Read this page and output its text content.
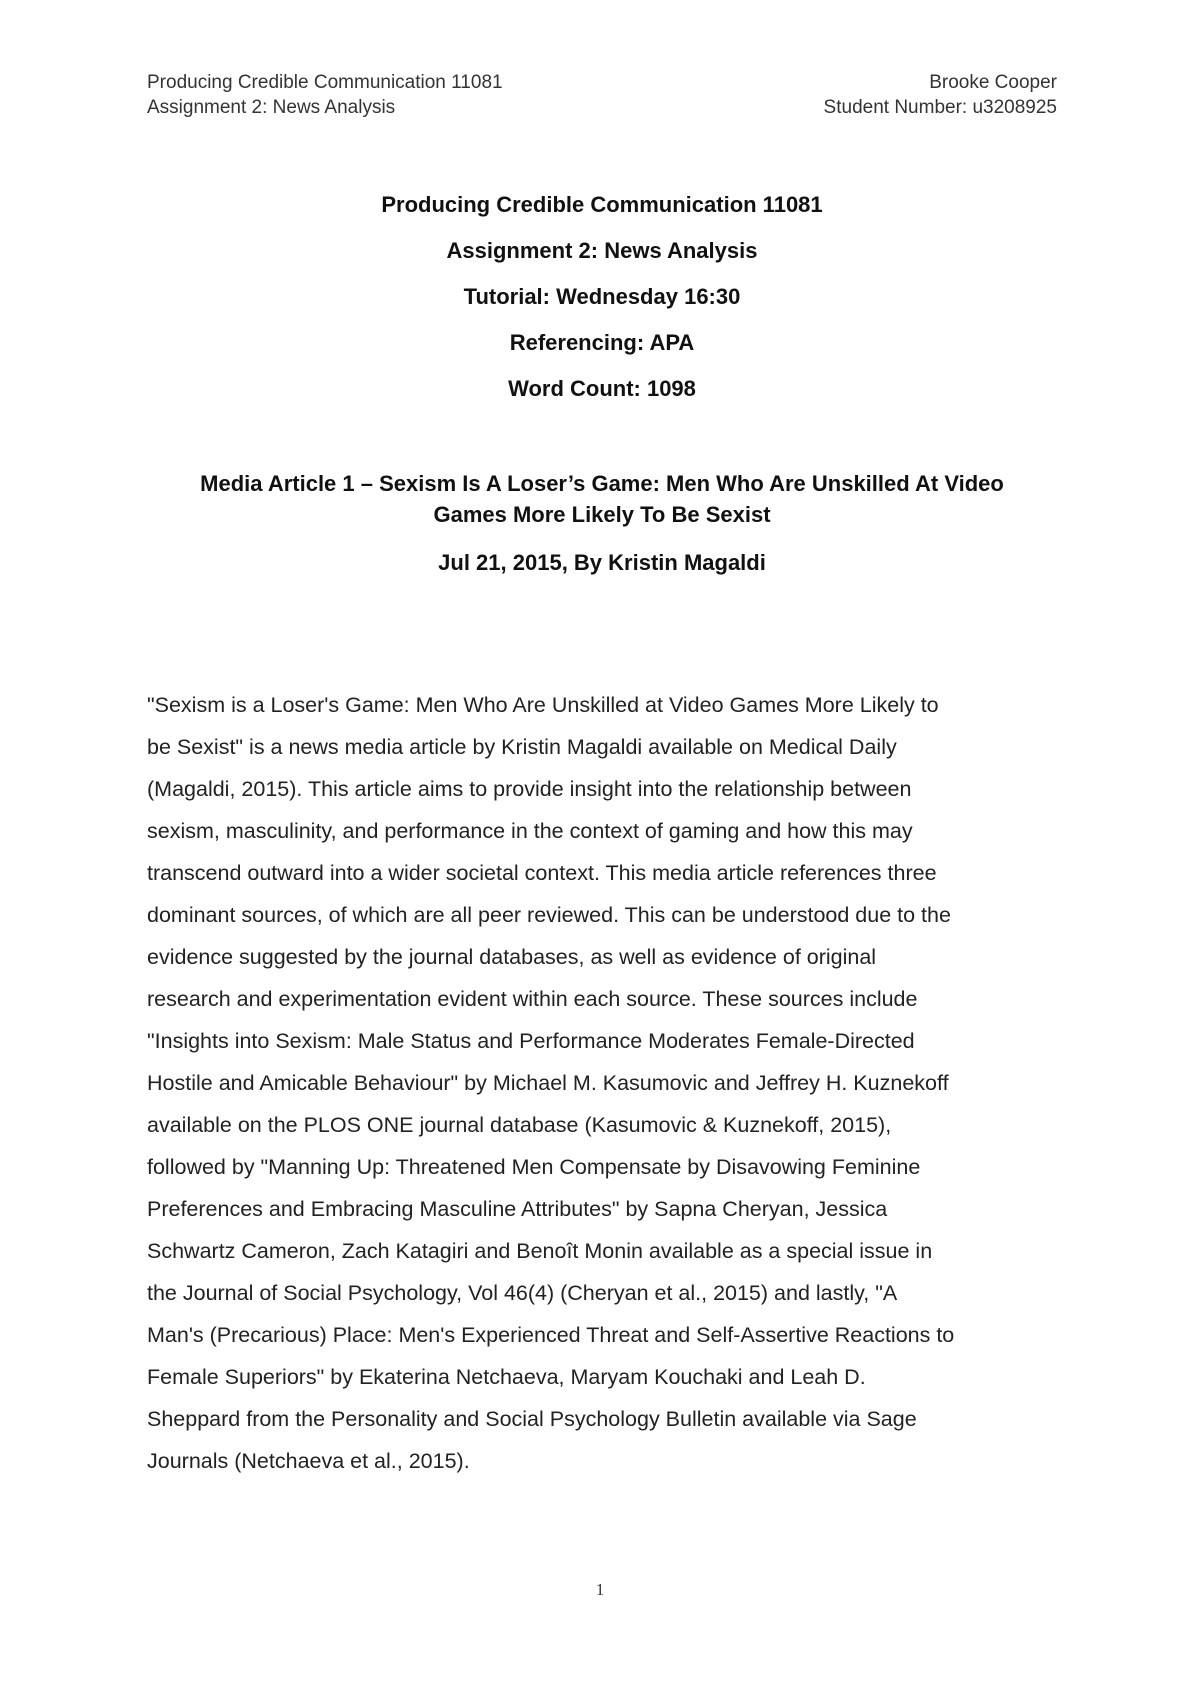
Producing Credible Communication 11081
Assignment 2: News Analysis
Brooke Cooper
Student Number: u3208925
Producing Credible Communication 11081
Assignment 2: News Analysis
Tutorial: Wednesday 16:30
Referencing: APA
Word Count: 1098
Media Article 1 – Sexism Is A Loser’s Game: Men Who Are Unskilled At Video
Games More Likely To Be Sexist
Jul 21, 2015, By Kristin Magaldi
"Sexism is a Loser's Game: Men Who Are Unskilled at Video Games More Likely to
be Sexist" is a news media article by Kristin Magaldi available on Medical Daily
(Magaldi, 2015). This article aims to provide insight into the relationship between
sexism, masculinity, and performance in the context of gaming and how this may
transcend outward into a wider societal context. This media article references three
dominant sources, of which are all peer reviewed. This can be understood due to the
evidence suggested by the journal databases, as well as evidence of original
research and experimentation evident within each source. These sources include
"Insights into Sexism: Male Status and Performance Moderates Female-Directed
Hostile and Amicable Behaviour" by Michael M. Kasumovic and Jeffrey H. Kuznekoff
available on the PLOS ONE journal database (Kasumovic & Kuznekoff, 2015),
followed by "Manning Up: Threatened Men Compensate by Disavowing Feminine
Preferences and Embracing Masculine Attributes" by Sapna Cheryan, Jessica
Schwartz Cameron, Zach Katagiri and Benoît Monin available as a special issue in
the Journal of Social Psychology, Vol 46(4) (Cheryan et al., 2015) and lastly, "A
Man's (Precarious) Place: Men's Experienced Threat and Self-Assertive Reactions to
Female Superiors" by Ekaterina Netchaeva, Maryam Kouchaki and Leah D.
Sheppard from the Personality and Social Psychology Bulletin available via Sage
Journals (Netchaeva et al., 2015).
1
